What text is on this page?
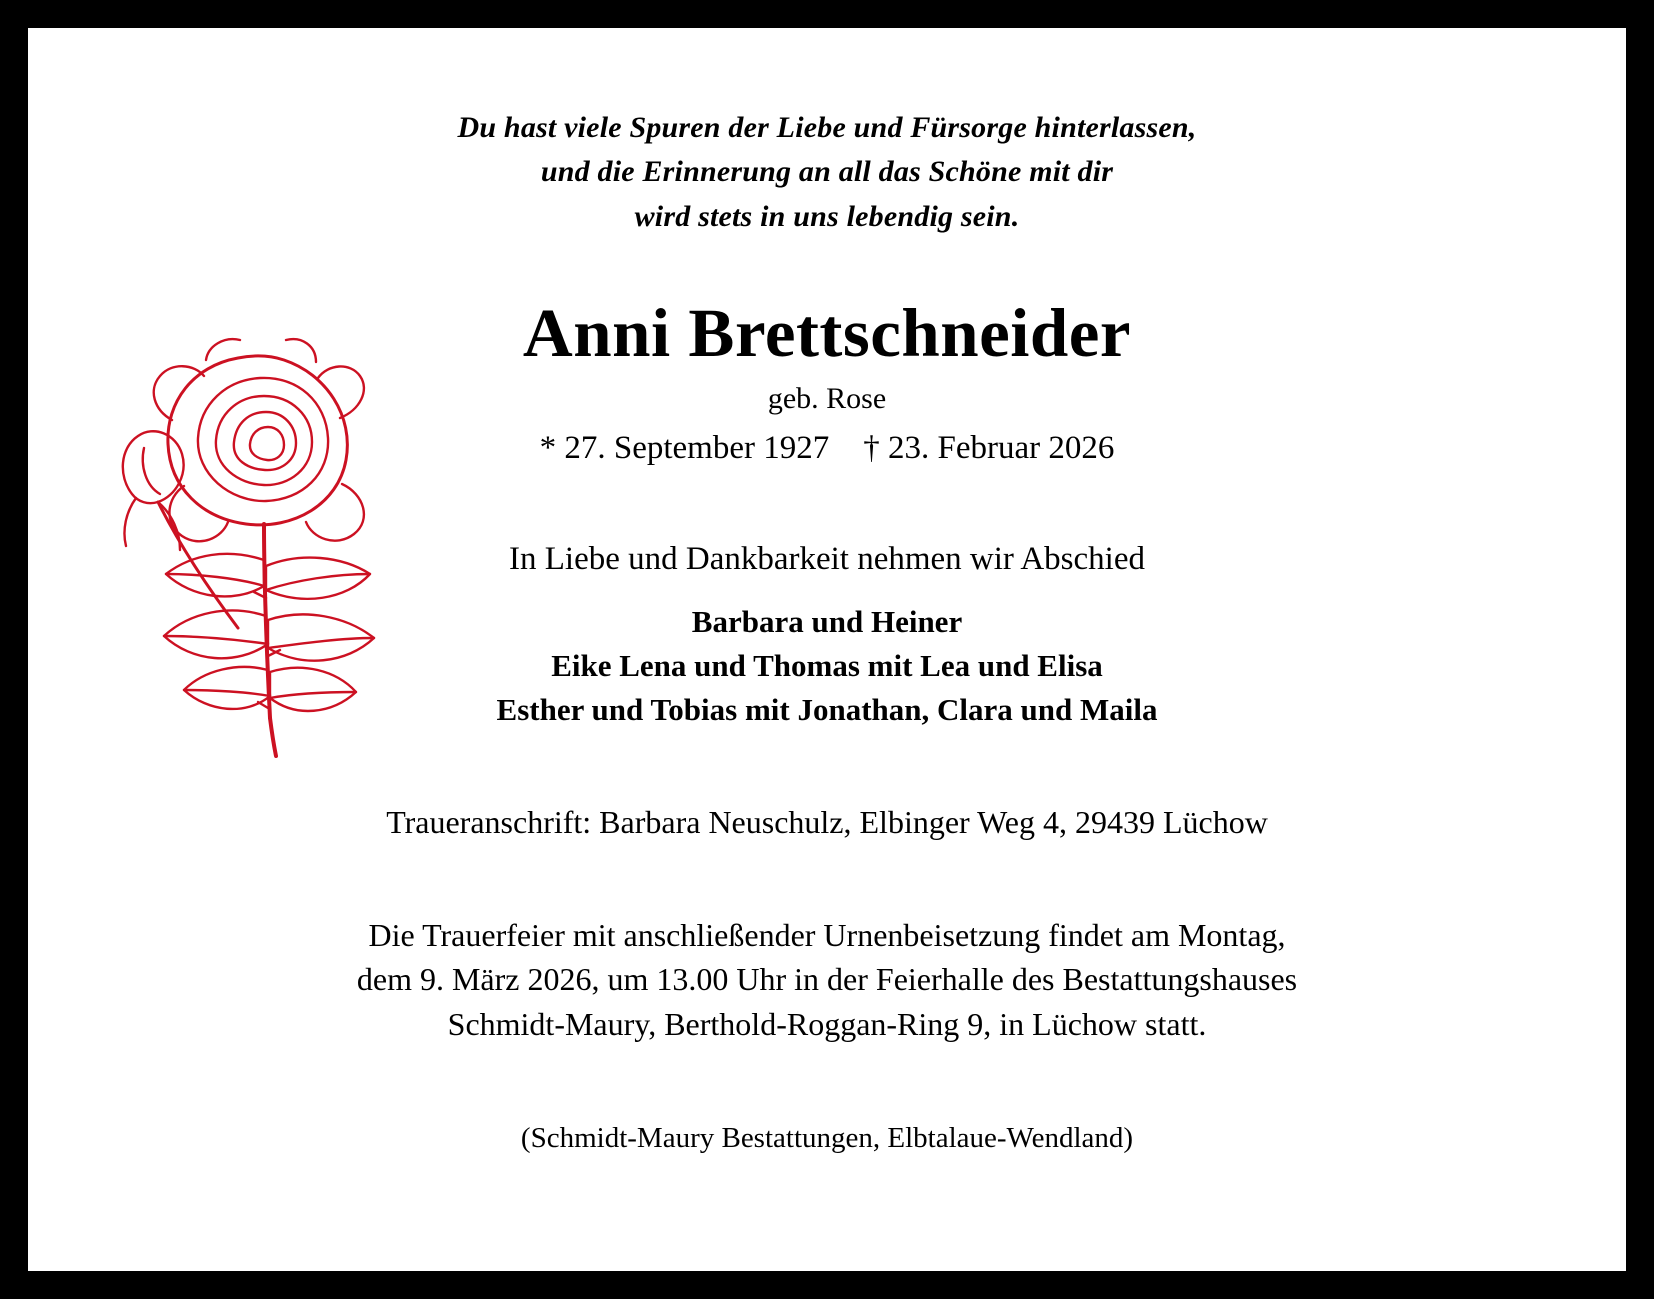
Du hast viele Spuren der Liebe und Fürsorge hinterlassen,
und die Erinnerung an all das Schöne mit dir
wird stets in uns lebendig sein.
Anni Brettschneider
geb. Rose
* 27. September 1927 † 23. Februar 2026
In Liebe und Dankbarkeit nehmen wir Abschied
Barbara und Heiner
Eike Lena und Thomas mit Lea und Elisa
Esther und Tobias mit Jonathan, Clara und Maila
Traueranschrift: Barbara Neuschulz, Elbinger Weg 4, 29439 Lüchow
Die Trauerfeier mit anschließender Urnenbeisetzung findet am Montag,
dem 9. März 2026, um 13.00 Uhr in der Feierhalle des Bestattungshauses
Schmidt-Maury, Berthold-Roggan-Ring 9, in Lüchow statt.
(Schmidt-Maury Bestattungen, Elbtalaue-Wendland)
